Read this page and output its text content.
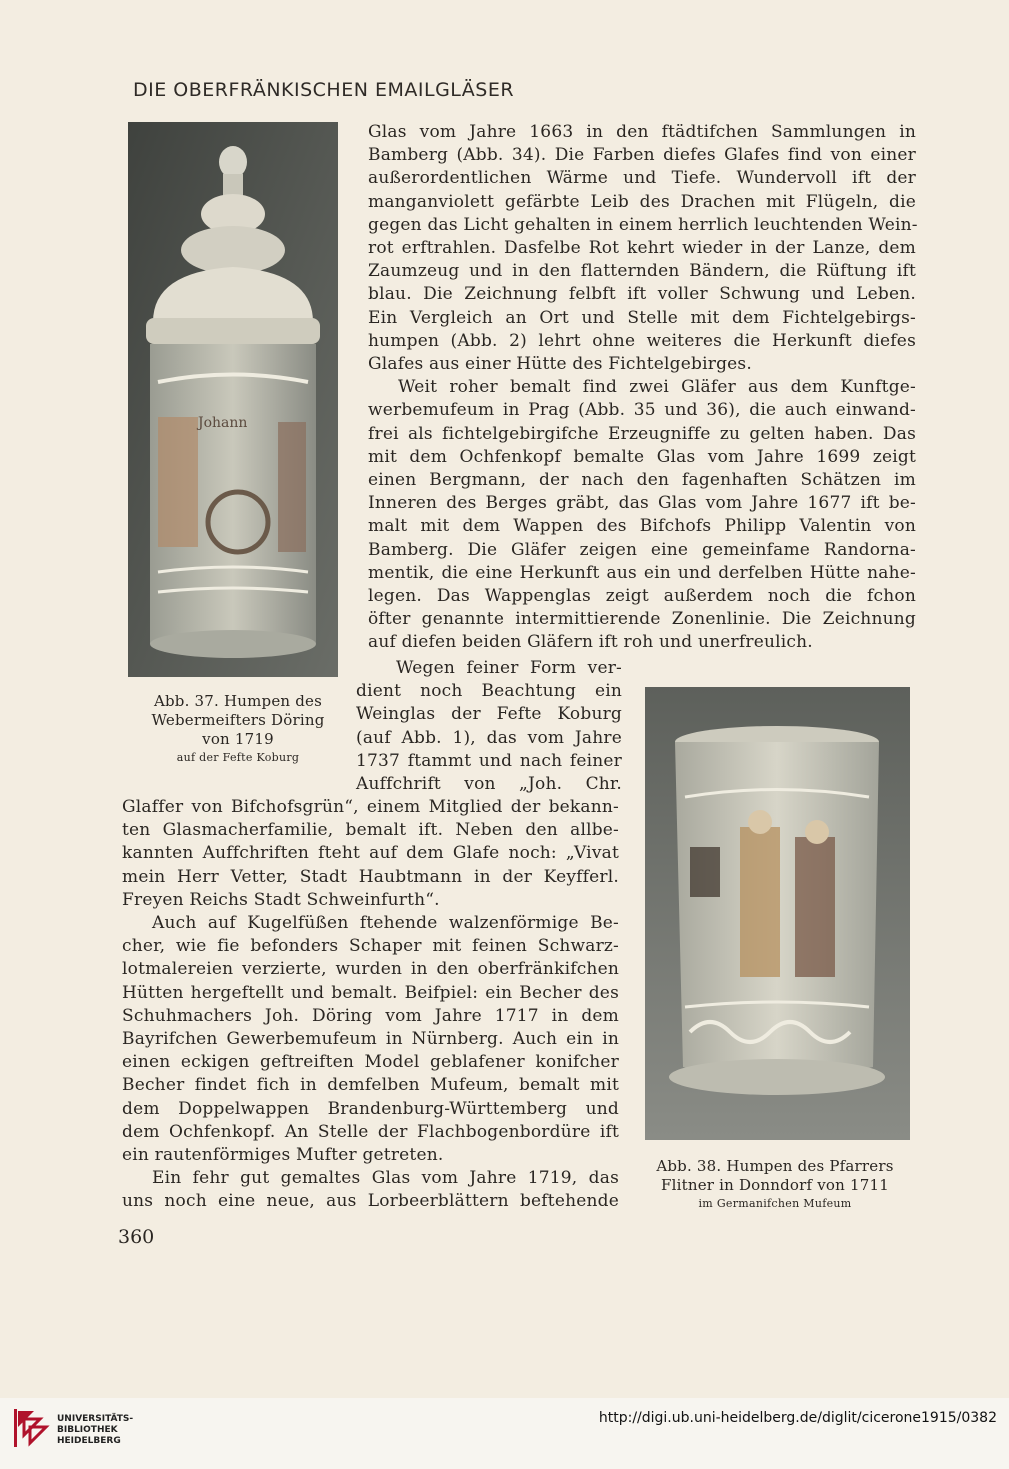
DIE OBERFRÄNKISCHEN EMAILGLÄSER
Johann
Abb. 37. Humpen des
Webermeifters Döring
von 1719
auf der Fefte Koburg
Abb. 38. Humpen des Pfarrers
Flitner in Donndorf von 1711
im Germanifchen Mufeum
Glas vom Jahre 1663 in den ftädtifchen Sammlungen in
Bamberg (Abb. 34). Die Farben diefes Glafes find von einer
außerordentlichen Wärme und Tiefe. Wundervoll ift der
manganviolett gefärbte Leib des Drachen mit Flügeln, die
gegen das Licht gehalten in einem herrlich leuchtenden Wein-
rot erftrahlen. Dasfelbe Rot kehrt wieder in der Lanze, dem
Zaumzeug und in den flatternden Bändern, die Rüftung ift
blau. Die Zeichnung felbft ift voller Schwung und Leben.
Ein Vergleich an Ort und Stelle mit dem Fichtelgebirgs-
humpen (Abb. 2) lehrt ohne weiteres die Herkunft diefes
Glafes aus einer Hütte des Fichtelgebirges.
Weit roher bemalt find zwei Gläfer aus dem Kunftge-
werbemufeum in Prag (Abb. 35 und 36), die auch einwand-
frei als fichtelgebirgifche Erzeugniffe zu gelten haben. Das
mit dem Ochfenkopf bemalte Glas vom Jahre 1699 zeigt
einen Bergmann, der nach den fagenhaften Schätzen im
Inneren des Berges gräbt, das Glas vom Jahre 1677 ift be-
malt mit dem Wappen des Bifchofs Philipp Valentin von
Bamberg. Die Gläfer zeigen eine gemeinfame Randorna-
mentik, die eine Herkunft aus ein und derfelben Hütte nahe-
legen. Das Wappenglas zeigt außerdem noch die fchon
öfter genannte intermittierende Zonenlinie. Die Zeichnung
auf diefen beiden Gläfern ift roh und unerfreulich.
Wegen feiner Form ver-
dient noch Beachtung ein
Weinglas der Fefte Koburg
(auf Abb. 1), das vom Jahre
1737 ftammt und nach feiner
Auffchrift von „Joh. Chr.
Glaffer von Bifchofsgrün“, einem Mitglied der bekann-
ten Glasmacherfamilie, bemalt ift. Neben den allbe-
kannten Auffchriften fteht auf dem Glafe noch: „Vivat
mein Herr Vetter, Stadt Haubtmann in der Keyfferl.
Freyen Reichs Stadt Schweinfurth“.
Auch auf Kugelfüßen ftehende walzenförmige Be-
cher, wie fie befonders Schaper mit feinen Schwarz-
lotmalereien verzierte, wurden in den oberfränkifchen
Hütten hergeftellt und bemalt. Beifpiel: ein Becher des
Schuhmachers Joh. Döring vom Jahre 1717 in dem
Bayrifchen Gewerbemufeum in Nürnberg. Auch ein in
einen eckigen geftreiften Model geblafener konifcher
Becher findet fich in demfelben Mufeum, bemalt mit
dem Doppelwappen Brandenburg-Württemberg und
dem Ochfenkopf. An Stelle der Flachbogenbordüre ift
ein rautenförmiges Mufter getreten.
Ein fehr gut gemaltes Glas vom Jahre 1719, das
uns noch eine neue, aus Lorbeerblättern beftehende
360
UNIVERSITÄTS-
BIBLIOTHEK
HEIDELBERG
http://digi.ub.uni-heidelberg.de/diglit/cicerone1915/0382
